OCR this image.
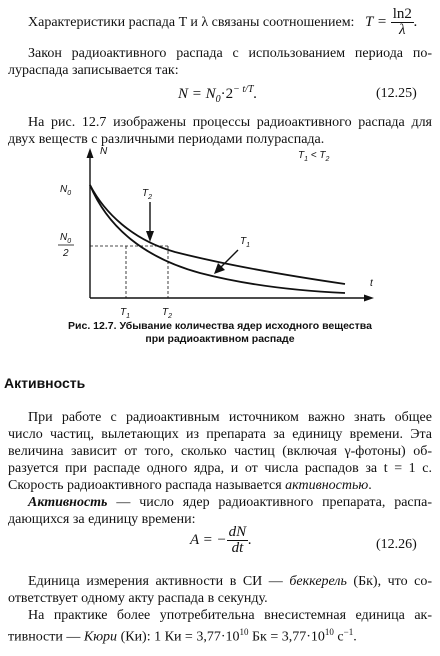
Характеристики распада T и λ связаны соотношением: $T = \frac{\ln 2}{\lambda}$ .
Закон радиоактивного распада с использованием периода по-
лураспада записывается так:
$N = N_0\cdot 2^{- t/T}$.	(12.25)
На рис. 12.7 изображены процессы радиоактивного распада для
двух веществ с различными периодами полураспада.
N
t
$N_0$
$N_0$
2
$T_2$
$T_1$
$T_1$	$T_2$
$T_1 < T_2$
Рис. 12.7. Убывание количества ядер исходного вещества
при радиоактивном распаде
Активность
При работе с радиоактивным источником важно знать общее
число частиц, вылетающих из препарата за единицу времени. Эта
величина зависит от того, сколько частиц (включая γ-фотоны) об-
разуется при распаде одного ядра, и от числа распадов за t = 1 с.
Скорость радиоактивного распада называется активностью.
Активность — число ядер радиоактивного препарата, распа-
дающихся за единицу времени:
A = − $\frac{dN}{dt}$ .	(12.26)
Единица измерения активности в СИ — беккерель (Бк), что со-
ответствует одному акту распада в секунду.
На практике более употребительна внесистемная единица ак-
тивности — Кюри (Ки): 1 Ки = $3,77\cdot 10^{10}$ Бк = $3,77\cdot 10^{10}$ $с^{-1}$.
